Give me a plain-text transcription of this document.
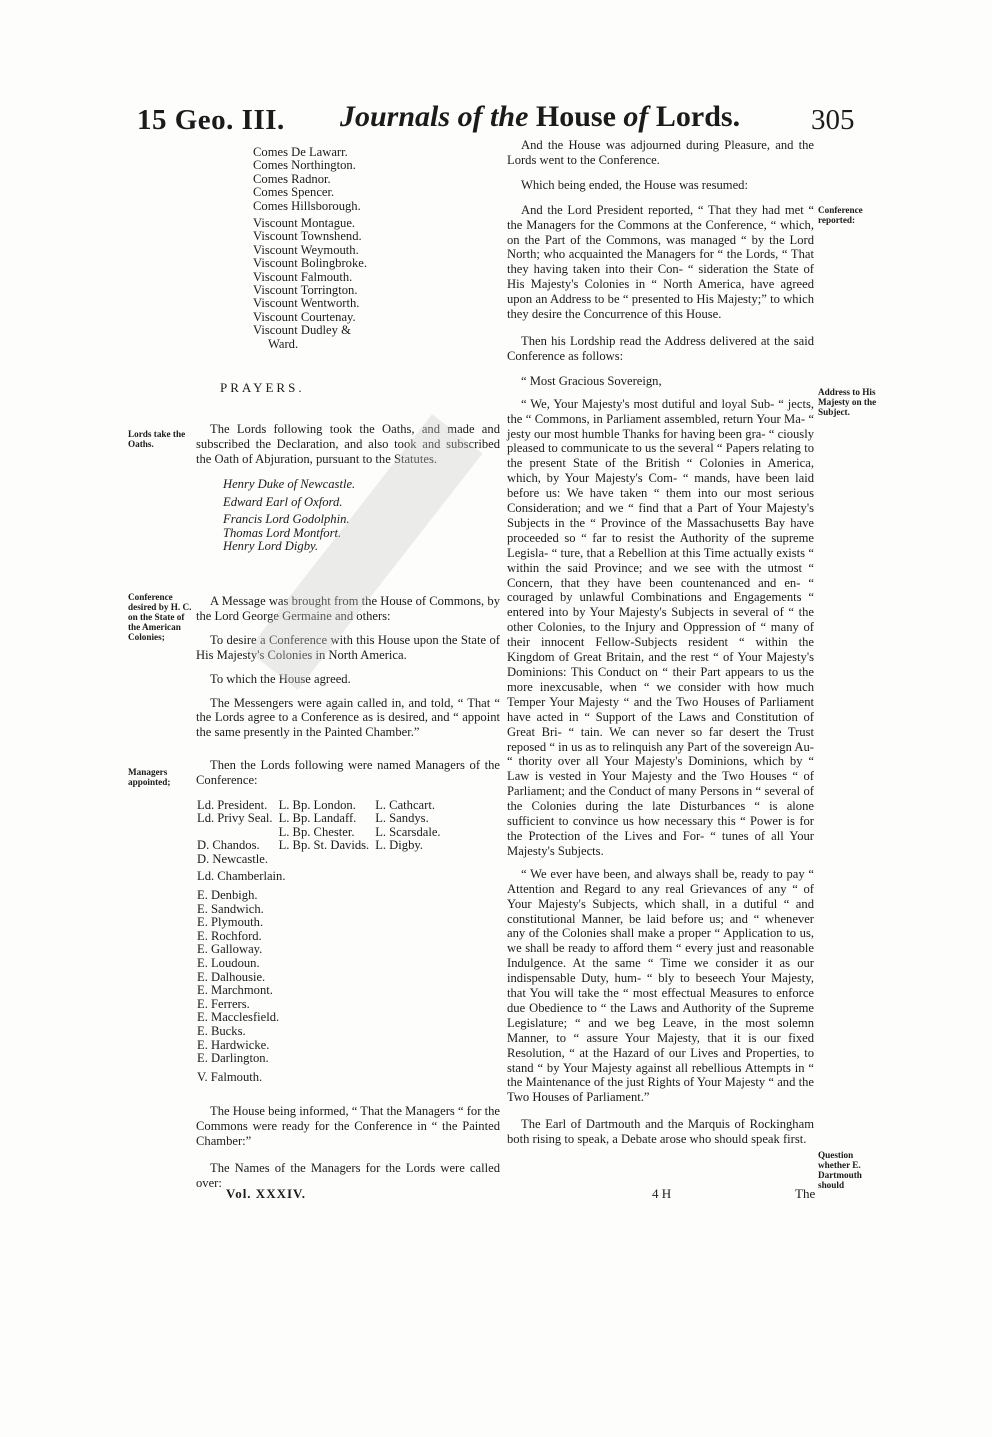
15 Geo. III. Journals of the House of Lords. 305
Comes De Lawarr.
Comes Northington.
Comes Radnor.
Comes Spencer.
Comes Hillsborough.
Viscount Montague.
Viscount Townshend.
Viscount Weymouth.
Viscount Bolingbroke.
Viscount Falmouth.
Viscount Torrington.
Viscount Wentworth.
Viscount Courtenay.
Viscount Dudley &
Ward.
PRAYERS.
Lords take the Oaths.
Conference desired by H. C. on the State of the American Colonies;
Managers appointed;

The Lords following took the Oaths, and made and subscribed the Declaration, and also took and subscribed the Oath of Abjuration, pursuant to the Statutes.

Henry Duke of Newcastle.
Edward Earl of Oxford.
Francis Lord Godolphin.
Thomas Lord Montfort.
Henry Lord Digby.

A Message was brought from the House of Commons, by the Lord George Germaine and others:

To desire a Conference with this House upon the State of His Majesty's Colonies in North America.

To which the House agreed.

The Messengers were again called in, and told, “ That “ the Lords agree to a Conference as is desired, and “ appoint the same presently in the Painted Chamber.”

Then the Lords following were named Managers of the Conference:

Ld. President.	L. Bp. London.	L. Cathcart.
Ld. Privy Seal.	L. Bp. Landaff.	L. Sandys.
	L. Bp. Chester.	L. Scarsdale.
D. Chandos.	L. Bp. St. Davids.	L. Digby.
D. Newcastle.		
Ld. Chamberlain.
E. Denbigh.
E. Sandwich.
E. Plymouth.
E. Rochford.
E. Galloway.
E. Loudoun.
E. Dalhousie.
E. Marchmont.
E. Ferrers.
E. Macclesfield.
E. Bucks.
E. Hardwicke.
E. Darlington.
V. Falmouth.

The House being informed, “ That the Managers “ for the Commons were ready for the Conference in “ the Painted Chamber:”

The Names of the Managers for the Lords were called over:

And the House was adjourned during Pleasure, and the Lords went to the Conference.

Which being ended, the House was resumed:

And the Lord President reported, “ That they had met “ the Managers for the Commons at the Conference, “ which, on the Part of the Commons, was managed “ by the Lord North; who acquainted the Managers for “ the Lords, “ That they having taken into their Con- “ sideration the State of His Majesty's Colonies in “ North America, have agreed upon an Address to be “ presented to His Majesty;” to which they desire the Concurrence of this House.

Then his Lordship read the Address delivered at the said Conference as follows:

“ Most Gracious Sovereign,

“ We, Your Majesty's most dutiful and loyal Sub- “ jects, the “ Commons, in Parliament assembled, return Your Ma- “ jesty our most humble Thanks for having been gra- “ ciously pleased to communicate to us the several “ Papers relating to the present State of the British “ Colonies in America, which, by Your Majesty's Com- “ mands, have been laid before us: We have taken “ them into our most serious Consideration; and we “ find that a Part of Your Majesty's Subjects in the “ Province of the Massachusetts Bay have proceeded so “ far to resist the Authority of the supreme Legisla- “ ture, that a Rebellion at this Time actually exists “ within the said Province; and we see with the utmost “ Concern, that they have been countenanced and en- “ couraged by unlawful Combinations and Engagements “ entered into by Your Majesty's Subjects in several of “ the other Colonies, to the Injury and Oppression of “ many of their innocent Fellow-Subjects resident “ within the Kingdom of Great Britain, and the rest “ of Your Majesty's Dominions: This Conduct on “ their Part appears to us the more inexcusable, when “ we consider with how much Temper Your Majesty “ and the Two Houses of Parliament have acted in “ Support of the Laws and Constitution of Great Bri- “ tain. We can never so far desert the Trust reposed “ in us as to relinquish any Part of the sovereign Au- “ thority over all Your Majesty's Dominions, which by “ Law is vested in Your Majesty and the Two Houses “ of Parliament; and the Conduct of many Persons in “ several of the Colonies during the late Disturbances “ is alone sufficient to convince us how necessary this “ Power is for the Protection of the Lives and For- “ tunes of all Your Majesty's Subjects.

“ We ever have been, and always shall be, ready to pay “ Attention and Regard to any real Grievances of any “ of Your Majesty's Subjects, which shall, in a dutiful “ and constitutional Manner, be laid before us; and “ whenever any of the Colonies shall make a proper “ Application to us, we shall be ready to afford them “ every just and reasonable Indulgence. At the same “ Time we consider it as our indispensable Duty, hum- “ bly to beseech Your Majesty, that You will take the “ most effectual Measures to enforce due Obedience to “ the Laws and Authority of the Supreme Legislature; “ and we beg Leave, in the most solemn Manner, to “ assure Your Majesty, that it is our fixed Resolution, “ at the Hazard of our Lives and Properties, to stand “ by Your Majesty against all rebellious Attempts in “ the Maintenance of the just Rights of Your Majesty “ and the Two Houses of Parliament.”

The Earl of Dartmouth and the Marquis of Rockingham both rising to speak, a Debate arose who should speak first.

Conference reported:
Address to His Majesty on the Subject.
Question whether E. Dartmouth should
Vol. XXXIV.	4 H	The
